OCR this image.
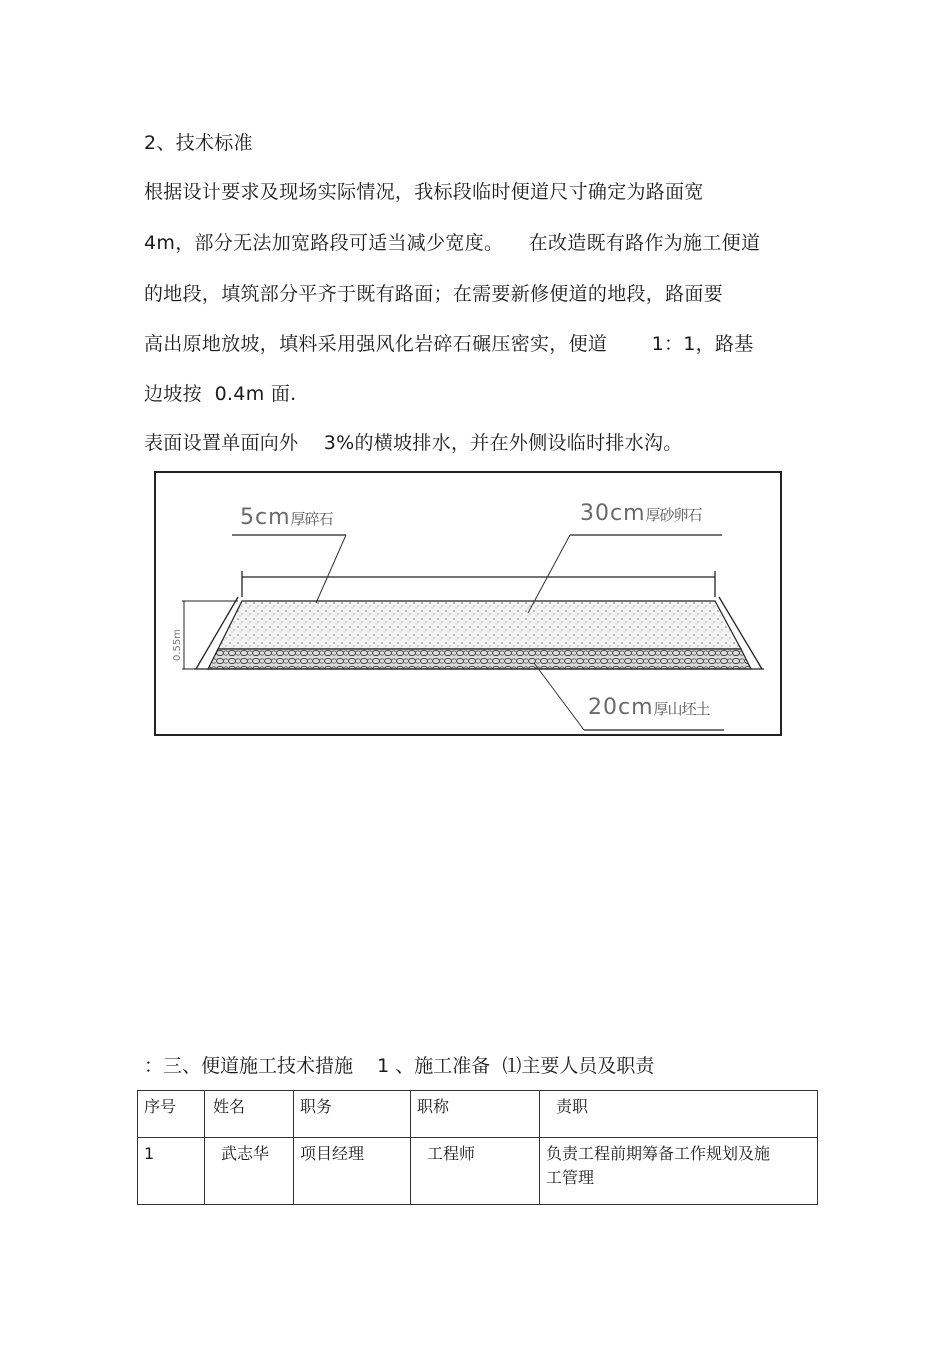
2、技术标准
根据设计要求及现场实际情况，我标段临时便道尺寸确定为路面宽
4m，部分无法加宽路段可适当减少宽度。    在改造既有路作为施工便道
的地段，填筑部分平齐于既有路面；在需要新修便道的地段，路面要
高出原地放坡，填料采用强风化岩碎石碾压密实，便道       1：1，路基
边坡按  0.4m 面.
表面设置单面向外    3%的横坡排水，并在外侧设临时排水沟。
5cm厚碎石	30cm厚砂卵石
20cm厚山坯土
0.55m
：三、便道施工技术措施    1 、施工准备  ⑴主要人员及职责
序号	姓名	职务	职称	责职
1	武志华	项目经理	工程师	负责工程前期筹备工作规划及施工管理
